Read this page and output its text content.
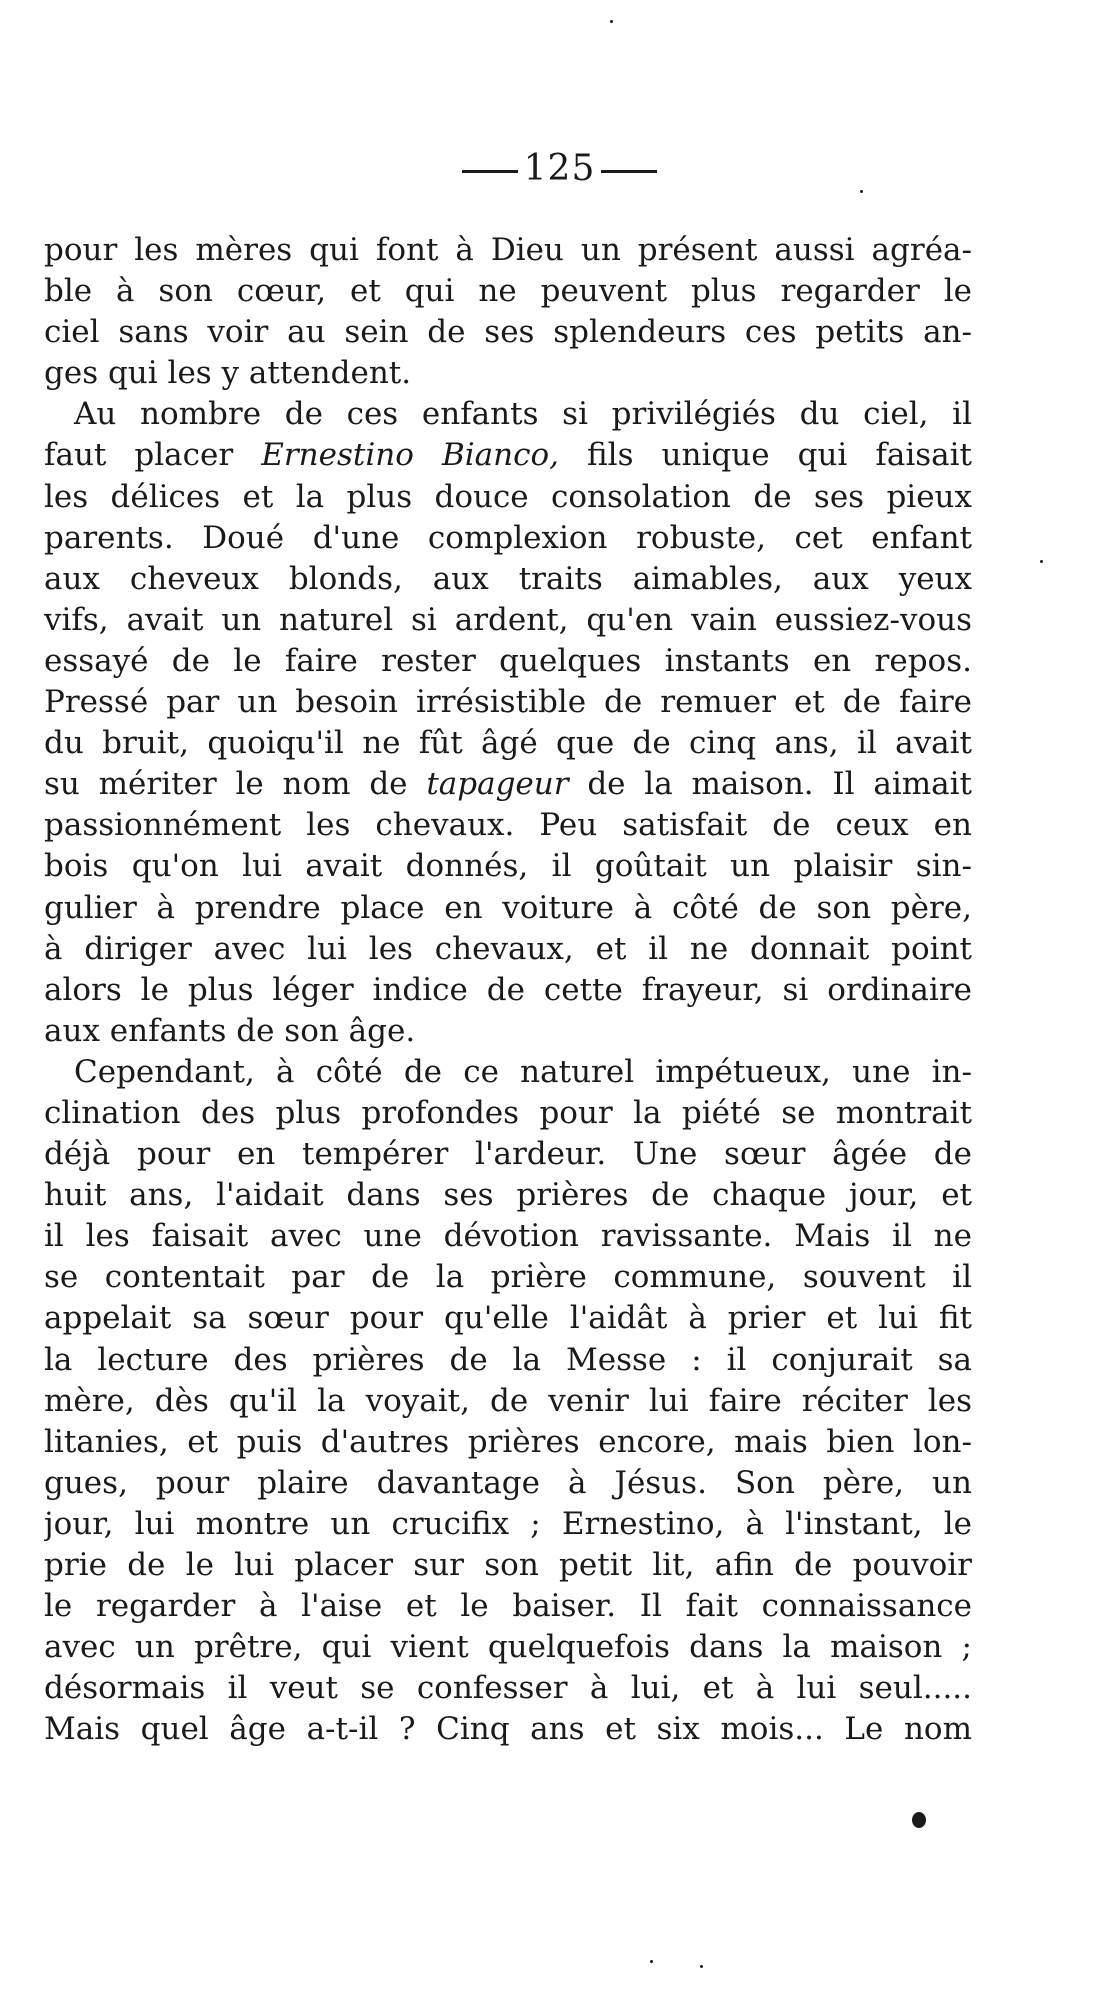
125
pour les mères qui font à Dieu un présent aussi agréa-
ble à son cœur, et qui ne peuvent plus regarder le
ciel sans voir au sein de ses splendeurs ces petits an-
ges qui les y attendent.
Au nombre de ces enfants si privilégiés du ciel, il
faut placer Ernestino Bianco, fils unique qui faisait
les délices et la plus douce consolation de ses pieux
parents. Doué d'une complexion robuste, cet enfant
aux cheveux blonds, aux traits aimables, aux yeux
vifs, avait un naturel si ardent, qu'en vain eussiez-vous
essayé de le faire rester quelques instants en repos.
Pressé par un besoin irrésistible de remuer et de faire
du bruit, quoiqu'il ne fût âgé que de cinq ans, il avait
su mériter le nom de tapageur de la maison. Il aimait
passionnément les chevaux. Peu satisfait de ceux en
bois qu'on lui avait donnés, il goûtait un plaisir sin-
gulier à prendre place en voiture à côté de son père,
à diriger avec lui les chevaux, et il ne donnait point
alors le plus léger indice de cette frayeur, si ordinaire
aux enfants de son âge.
Cependant, à côté de ce naturel impétueux, une in-
clination des plus profondes pour la piété se montrait
déjà pour en tempérer l'ardeur. Une sœur âgée de
huit ans, l'aidait dans ses prières de chaque jour, et
il les faisait avec une dévotion ravissante. Mais il ne
se contentait par de la prière commune, souvent il
appelait sa sœur pour qu'elle l'aidât à prier et lui fit
la lecture des prières de la Messe : il conjurait sa
mère, dès qu'il la voyait, de venir lui faire réciter les
litanies, et puis d'autres prières encore, mais bien lon-
gues, pour plaire davantage à Jésus. Son père, un
jour, lui montre un crucifix ; Ernestino, à l'instant, le
prie de le lui placer sur son petit lit, afin de pouvoir
le regarder à l'aise et le baiser. Il fait connaissance
avec un prêtre, qui vient quelquefois dans la maison ;
désormais il veut se confesser à lui, et à lui seul.....
Mais quel âge a-t-il ? Cinq ans et six mois... Le nom
